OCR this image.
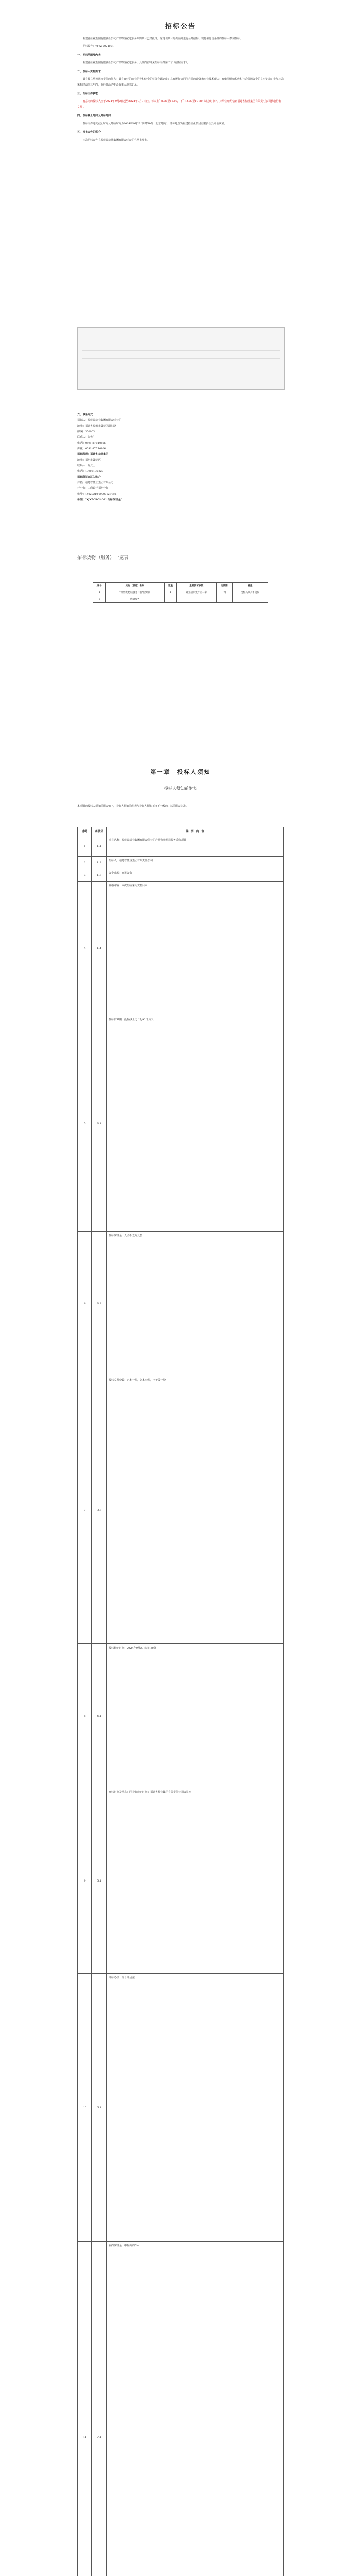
招标公告

福建省盐业集团有限责任公司产品物流配送服务采购项目已经批准，现对该项目的供应商进行公开招标，现邀请符合条件的投标人参加投标。

招标编号：YJYZ-2024001

一、招标范围及内容

福建省盐业集团有限责任公司产品物流配送服务，具体内容详见招标文件第二章《招标需求》。

二、投标人资格要求

具有独立承担民事责任的能力；具有良好的商业信誉和健全的财务会计制度；具有履行合同所必需的设备和专业技术能力；有依法缴纳税收和社会保障资金的良好记录；参加本次采购活动前三年内，在经营活动中没有重大违法记录。

三、招标文件获取

有意向的投标人应于2024年9月2日起至2024年9月9日止，每天上午8:30至12:00，下午14:30至17:30（北京时间），持单位介绍信到福建省盐业集团有限责任公司获取招标文件。

四、投标截止时间及开标时间

投标文件递交截止时间及开标时间为2024年9月23日9时30分（北京时间），开标地点为福建省盐业集团有限责任公司会议室。

五、发布公告的媒介

本次招标公告在福建省盐业集团有限责任公司官网上发布。

六、联系方式

招标人：福建省盐业集团有限责任公司

地址：福建省福州市鼓楼区湖东路

邮编：350003

联系人：张先生

电话：0591-87510806

传真：0591-87510806

招标代理：福建省盐业集团

地址：福州市鼓楼区

联系人：陈女士

电话：13905196220

招标保证金汇入账户

户名：福建省盐业集团有限公司

开户行：工商银行福州分行

账号：1402021009000123456

备注："YJYZ-2024001 招标保证金"

招标货物（服务）一览表
序号	货物（服务）名称	数量	主要技术参数	交货期	备注
1	产品物流配送服务（福州区域）	1	详见招标文件第二章	一年	投标人须具备资质
2	库储服务				
第一章　投标人须知
投标人须知前附表
本项目的投标人须知前附表如下，投标人须知前附表与投标人须知正文不一致的，以前附表为准。
序号	条款号	编　列　内　容
1	1.1	项目名称：福建省盐业集团有限责任公司产品物流配送服务采购项目
2	1.2	招标人：福建省盐业集团有限责任公司
3	1.3	资金来源：自筹资金
4	1.4	资格审查：本次招标采用资格后审
5	3.1	投标有效期：投标截止之日起90日历天
6	3.2	投标保证金：人民币壹万元整
7	3.3	投标文件份数：正本一份，副本四份，电子版一份
8	4.1	投标截止时间：2024年9月23日9时30分
9	5.1	开标时间及地点：同投标截止时间；福建省盐业集团有限责任公司会议室
10	6.1	评标办法：综合评分法
11	7.1	履约保证金：中标价的5%
